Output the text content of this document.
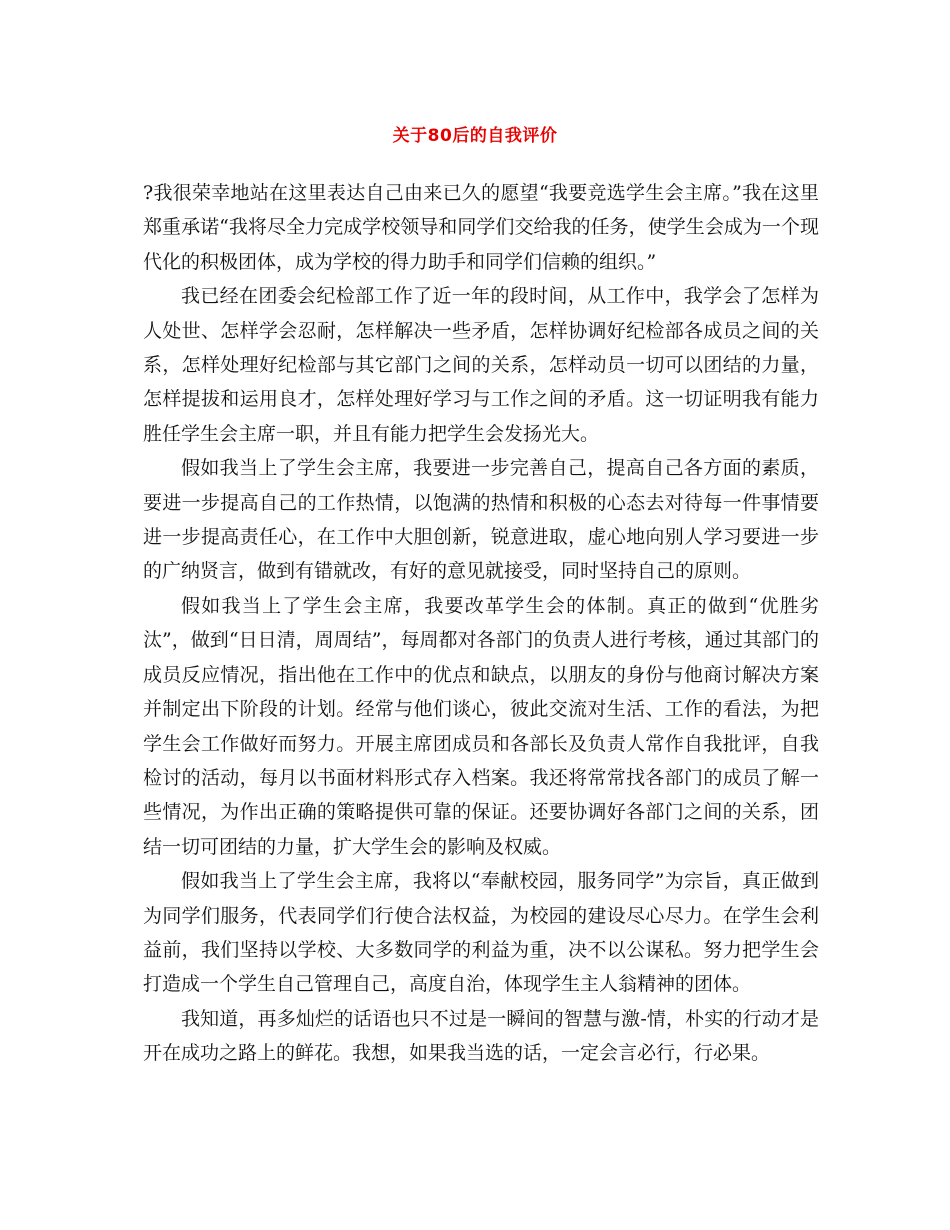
关于80后的自我评价

?我很荣幸地站在这里表达自己由来已久的愿望“我要竞选学生会主席。”我在这里郑重承诺“我将尽全力完成学校领导和同学们交给我的任务，使学生会成为一个现代化的积极团体，成为学校的得力助手和同学们信赖的组织。”

我已经在团委会纪检部工作了近一年的段时间，从工作中，我学会了怎样为人处世、怎样学会忍耐，怎样解决一些矛盾，怎样协调好纪检部各成员之间的关系，怎样处理好纪检部与其它部门之间的关系，怎样动员一切可以团结的力量，怎样提拔和运用良才，怎样处理好学习与工作之间的矛盾。这一切证明我有能力胜任学生会主席一职，并且有能力把学生会发扬光大。

假如我当上了学生会主席，我要进一步完善自己，提高自己各方面的素质，要进一步提高自己的工作热情，以饱满的热情和积极的心态去对待每一件事情要进一步提高责任心，在工作中大胆创新，锐意进取，虚心地向别人学习要进一步的广纳贤言，做到有错就改，有好的意见就接受，同时坚持自己的原则。

假如我当上了学生会主席，我要改革学生会的体制。真正的做到“优胜劣汰”，做到“日日清，周周结”，每周都对各部门的负责人进行考核，通过其部门的成员反应情况，指出他在工作中的优点和缺点，以朋友的身份与他商讨解决方案并制定出下阶段的计划。经常与他们谈心，彼此交流对生活、工作的看法，为把学生会工作做好而努力。开展主席团成员和各部长及负责人常作自我批评，自我检讨的活动，每月以书面材料形式存入档案。我还将常常找各部门的成员了解一些情况，为作出正确的策略提供可靠的保证。还要协调好各部门之间的关系，团结一切可团结的力量，扩大学生会的影响及权威。

假如我当上了学生会主席，我将以“奉献校园，服务同学”为宗旨，真正做到为同学们服务，代表同学们行使合法权益，为校园的建设尽心尽力。在学生会利益前，我们坚持以学校、大多数同学的利益为重，决不以公谋私。努力把学生会打造成一个学生自己管理自己，高度自治，体现学生主人翁精神的团体。

我知道，再多灿烂的话语也只不过是一瞬间的智慧与激-情，朴实的行动才是开在成功之路上的鲜花。我想，如果我当选的话，一定会言必行，行必果。
